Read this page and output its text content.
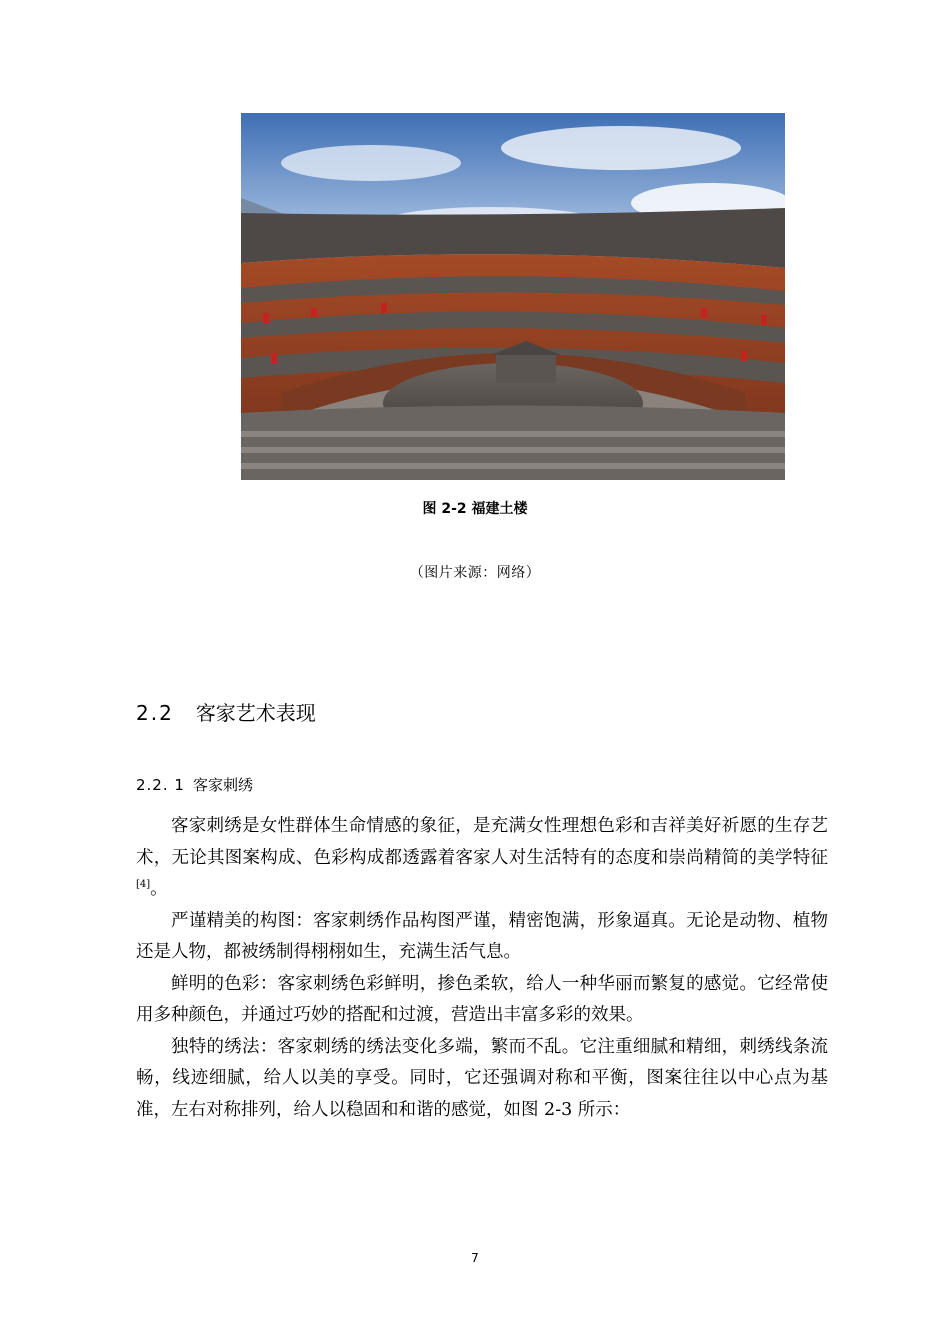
图 2-2 福建土楼
（图片来源：网络）
2.2 客家艺术表现
2.2. 1 客家刺绣

客家刺绣是女性群体生命情感的象征，是充满女性理想色彩和吉祥美好祈愿的生存艺术，无论其图案构成、色彩构成都透露着客家人对生活特有的态度和崇尚精简的美学特征[4]。

严谨精美的构图：客家刺绣作品构图严谨，精密饱满，形象逼真。无论是动物、植物还是人物，都被绣制得栩栩如生，充满生活气息。

鲜明的色彩：客家刺绣色彩鲜明，掺色柔软，给人一种华丽而繁复的感觉。它经常使用多种颜色，并通过巧妙的搭配和过渡，营造出丰富多彩的效果。

独特的绣法：客家刺绣的绣法变化多端，繁而不乱。它注重细腻和精细，刺绣线条流畅，线迹细腻，给人以美的享受。同时，它还强调对称和平衡，图案往往以中心点为基准，左右对称排列，给人以稳固和和谐的感觉，如图 2-3 所示：

7
